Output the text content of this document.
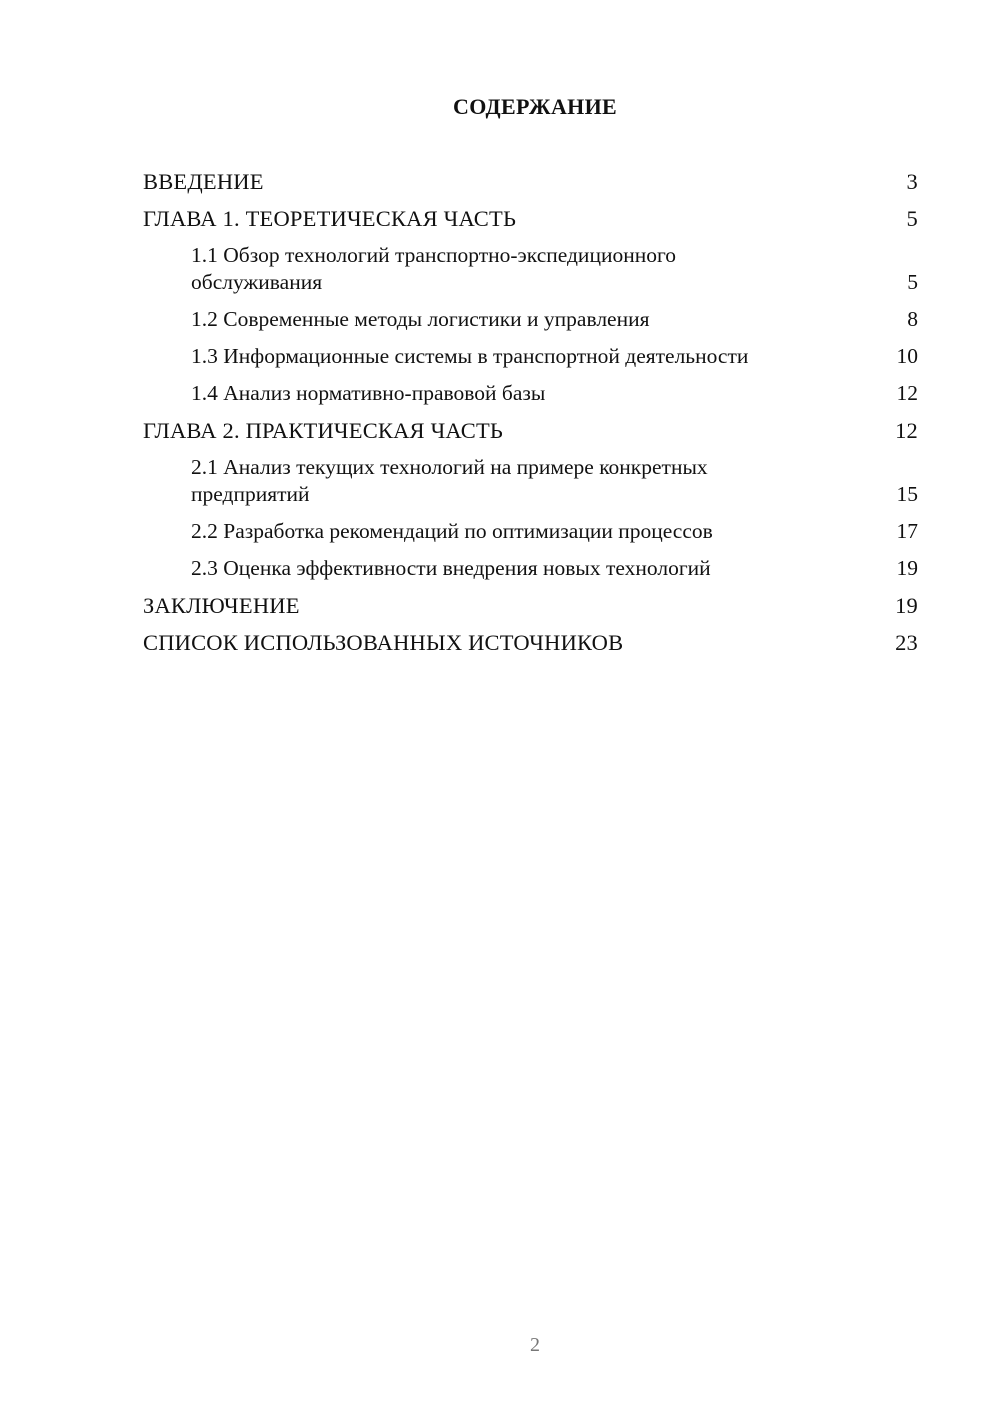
СОДЕРЖАНИЕ
ВВЕДЕНИЕ	3
ГЛАВА 1. ТЕОРЕТИЧЕСКАЯ ЧАСТЬ	5
1.1 Обзор технологий транспортно-экспедиционного обслуживания	5
1.2 Современные методы логистики и управления	8
1.3 Информационные системы в транспортной деятельности	10
1.4 Анализ нормативно-правовой базы	12
ГЛАВА 2. ПРАКТИЧЕСКАЯ ЧАСТЬ	12
2.1 Анализ текущих технологий на примере конкретных предприятий	15
2.2 Разработка рекомендаций по оптимизации процессов	17
2.3 Оценка эффективности внедрения новых технологий	19
ЗАКЛЮЧЕНИЕ	19
СПИСОК ИСПОЛЬЗОВАННЫХ ИСТОЧНИКОВ	23
2
